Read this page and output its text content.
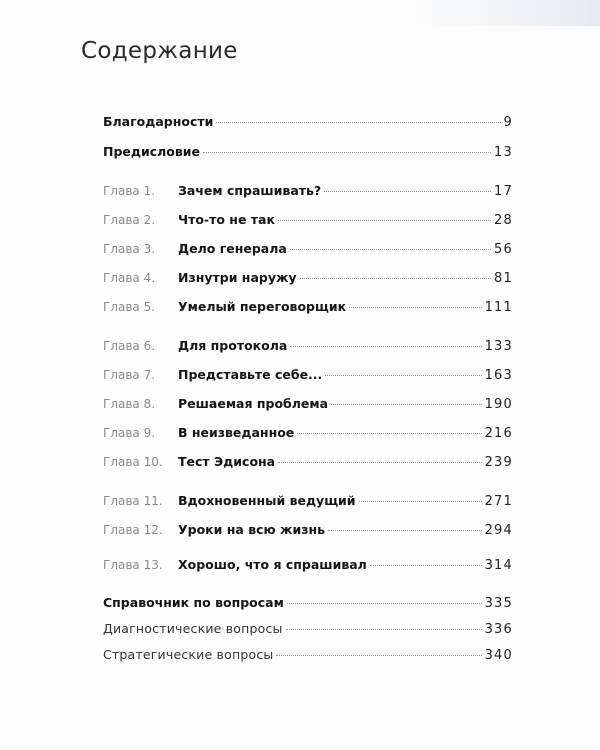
Содержание
Благодарности	9
Предисловие	13
Глава 1.	Зачем спрашивать?	17
Глава 2.	Что-то не так	28
Глава 3.	Дело генерала	56
Глава 4.	Изнутри наружу	81
Глава 5.	Умелый переговорщик	111
Глава 6.	Для протокола	133
Глава 7.	Представьте себе...	163
Глава 8.	Решаемая проблема	190
Глава 9.	В неизведанное	216
Глава 10.	Тест Эдисона	239
Глава 11.	Вдохновенный ведущий	271
Глава 12.	Уроки на всю жизнь	294
Глава 13.	Хорошо, что я спрашивал	314
Справочник по вопросам	335
Диагностические вопросы	336
Стратегические вопросы	340
